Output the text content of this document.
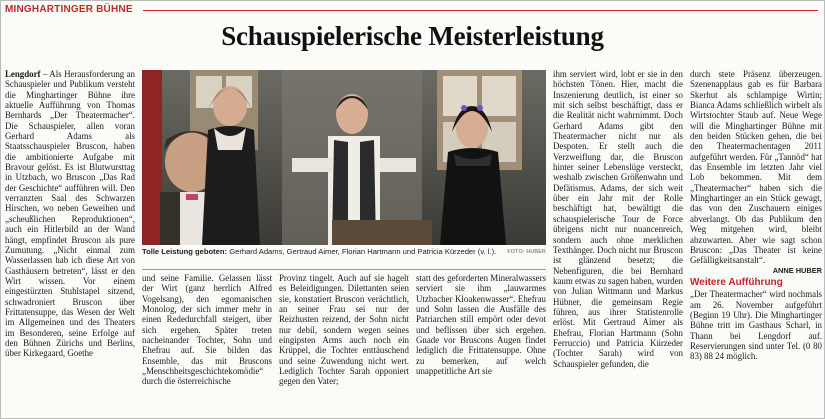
MINGHARTINGER BÜHNE
Schauspielerische Meisterleistung
Lengdorf – Als Herausforderung an Schauspieler und Publikum versteht die Minghartinger Bühne ihre aktuelle Aufführung von Thomas Bernhards „Der Theatermacher“. Die Schauspieler, allen voran Gerhard Adams als Staatsschauspieler Bruscon, haben die ambitionierte Aufgabe mit Bravour gelöst. Es ist Blutwursttag in Utzbach, wo Bruscon „Das Rad der Geschichte“ aufführen will. Den verranzten Saal des Schwarzen Hirschen, wo neben Geweihen und „scheußlichen Reproduktionen“, auch ein Hitlerbild an der Wand hängt, empfindet Bruscon als pure Zumutung. „Nicht einmal zum Wasserlassen hab ich diese Art von Gasthäusern betreten“, lässt er den Wirt wissen. Vor einem eingestürzten Stuhlstapel sitzend, schwadroniert Bruscon über Frittatensuppe, das Wesen der Welt im Allgemeinen und des Theaters im Besonderen, seine Erfolge auf den Bühnen Zürichs und Berlins, über Kirkegaard, Goethe
Tolle Leistung geboten: Gerhard Adams, Gertraud Aimer, Florian Hartmann und Patricia Kürzeder (v. l.). FOTO: HUBER
und seine Familie. Gelassen lässt der Wirt (ganz herrlich Alfred Vogelsang), den egomanischen Monolog, der sich immer mehr in einen Rededurchfall steigert, über sich ergehen. Später treten nacheinander Tochter, Sohn und Ehefrau auf. Sie bilden das Ensemble, das mit Bruscons „Menschheitsgeschichtekomödie“ durch die österreichische
Provinz tingelt. Auch auf sie hagelt es Beleidigungen. Dilettanten seien sie, konstatiert Bruscon verächtlich, an seiner Frau sei nur der Reizhusten reizend, der Sohn nicht nur debil, sondern wegen seines eingipsten Arms auch noch ein Krüppel, die Tochter enttäuschend und seine Zuwendung nicht wert. Lediglich Tochter Sarah opponiert gegen den Vater;
statt des geforderten Mineralwassers serviert sie ihm „lauwarmes Utzbacher Kloakenwasser“. Ehefrau und Sohn lassen die Ausfälle des Patriarchen still empört oder devot und beflissen über sich ergehen. Gnade vor Bruscons Augen findet lediglich die Frittatensuppe. Ohne zu bemerken, auf welch unappetitliche Art sie
ihm serviert wird, lobt er sie in den höchsten Tönen. Hier, macht die Inszenierung deutlich, ist einer so mit sich selbst beschäftigt, dass er die Realität nicht wahrnimmt. Doch Gerhard Adams gibt den Theatermacher nicht nur als Despoten. Er stellt auch die Verzweiflung dar, die Bruscon hinter seiner Lebenslüge versteckt, weshalb zwischen Größenwahn und Defätismus. Adams, der sich weit über ein Jahr mit der Rolle beschäftigt hat, bewältigt die schauspielerische Tour de Force übrigens nicht nur nuancenreich, sondern auch ohne merklichen Texthänger. Doch nicht nur Bruscon ist glänzend besetzt; die Nebenfiguren, die bei Bernhard kaum etwas zu sagen haben, wurden von Julian Wittmann und Markus Hübner, die gemeinsam Regie führen, aus ihrer Statistenrolle erlöst. Mit Gertraud Aimer als Ehefrau, Florian Hartmann (Sohn Ferruccio) und Patricia Kürzeder (Tochter Sarah) wird von Schauspieler gefunden, die
durch stete Präsenz überzeugen. Szenenapplaus gab es für Barbara Skerhut als schlampige Wirtin; Bianca Adams schließlich wirbelt als Wirtstochter Staub auf. Neue Wege will die Minghartinger Bühne mit den beiden Stücken gehen, die bei den Theatermachentagen 2011 aufgeführt werden. Für „Tannöd“ hat das Ensemble im letzten Jahr viel Lob bekommen. Mit dem „Theatermacher“ haben sich die Minghartinger an ein Stück gewagt, das von den Zuschauern einiges abverlangt. Ob das Publikum den Weg mitgehen wird, bleibt abzuwarten. Aber wie sagt schon Bruscon: „Das Theater ist keine Gefälligkeitsanstalt“.
ANNE HUBER
Weitere Aufführung
„Der Theatermacher“ wird nochmals am 26. November aufgeführt (Beginn 19 Uhr). Die Minghartinger Bühne tritt im Gasthaus Scharl, in Thann bei Lengdorf auf. Reservierungen sind unter Tel. (0 80 83) 88 24 möglich.
